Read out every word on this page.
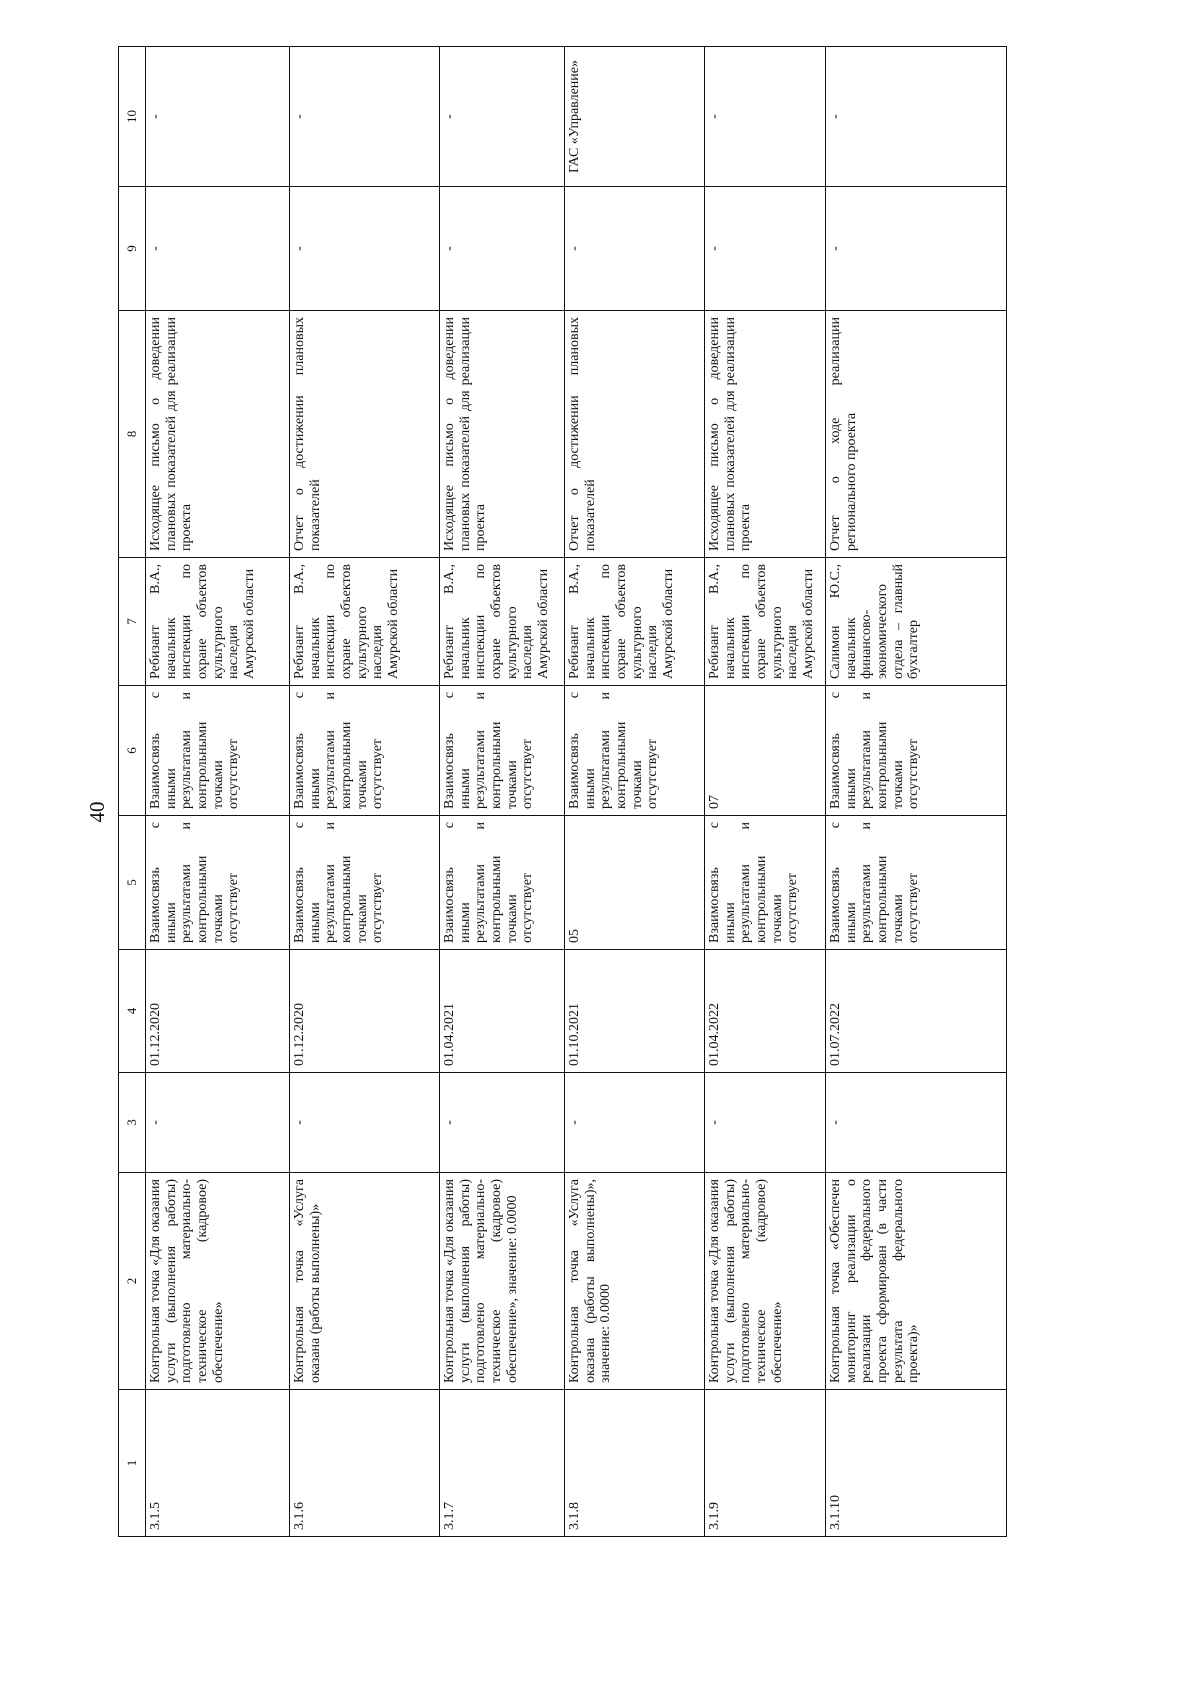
40
1	2	3	4	5	6	7	8	9	10
3.1.5	Контрольная точка «Для оказания услуги (выполнения работы) подготовлено материально-техническое (кадровое) обеспечение»	-	01.12.2020	Взаимосвязь с иными результатами и контрольными точками отсутствует	Взаимосвязь с иными результатами и контрольными точками отсутствует	Ребизант В.А., начальник инспекции по охране объектов культурного наследия Амурской области	Исходящее письмо о доведении плановых показателей для реализации проекта	-	-
3.1.6	Контрольная точка «Услуга оказана (работы выполнены)»	-	01.12.2020	Взаимосвязь с иными результатами и контрольными точками отсутствует	Взаимосвязь с иными результатами и контрольными точками отсутствует	Ребизант В.А., начальник инспекции по охране объектов культурного наследия Амурской области	Отчет о достижении плановых показателей	-	-
3.1.7	Контрольная точка «Для оказания услуги (выполнения работы) подготовлено материально-техническое (кадровое) обеспечение», значение: 0.0000	-	01.04.2021	Взаимосвязь с иными результатами и контрольными точками отсутствует	Взаимосвязь с иными результатами и контрольными точками отсутствует	Ребизант В.А., начальник инспекции по охране объектов культурного наследия Амурской области	Исходящее письмо о доведении плановых показателей для реализации проекта	-	-
3.1.8	Контрольная точка «Услуга оказана (работы выполнены)», значение: 0.0000	-	01.10.2021	05	Взаимосвязь с иными результатами и контрольными точками отсутствует	Ребизант В.А., начальник инспекции по охране объектов культурного наследия Амурской области	Отчет о достижении плановых показателей	-	ГАС «Управление»
3.1.9	Контрольная точка «Для оказания услуги (выполнения работы) подготовлено материально-техническое (кадровое) обеспечение»	-	01.04.2022	Взаимосвязь с иными результатами и контрольными точками отсутствует	07	Ребизант В.А., начальник инспекции по охране объектов культурного наследия Амурской области	Исходящее письмо о доведении плановых показателей для реализации проекта	-	-
3.1.10	Контрольная точка «Обеспечен мониторинг реализации о реализации федерального проекта сформирован (в части результата федерального проекта)»	-	01.07.2022	Взаимосвязь с иными результатами и контрольными точками отсутствует	Взаимосвязь с иными результатами и контрольными точками отсутствует	Салимон Ю.С., начальник финансово-экономического отдела – главный бухгалтер	Отчет о ходе реализации регионального проекта	-	-
